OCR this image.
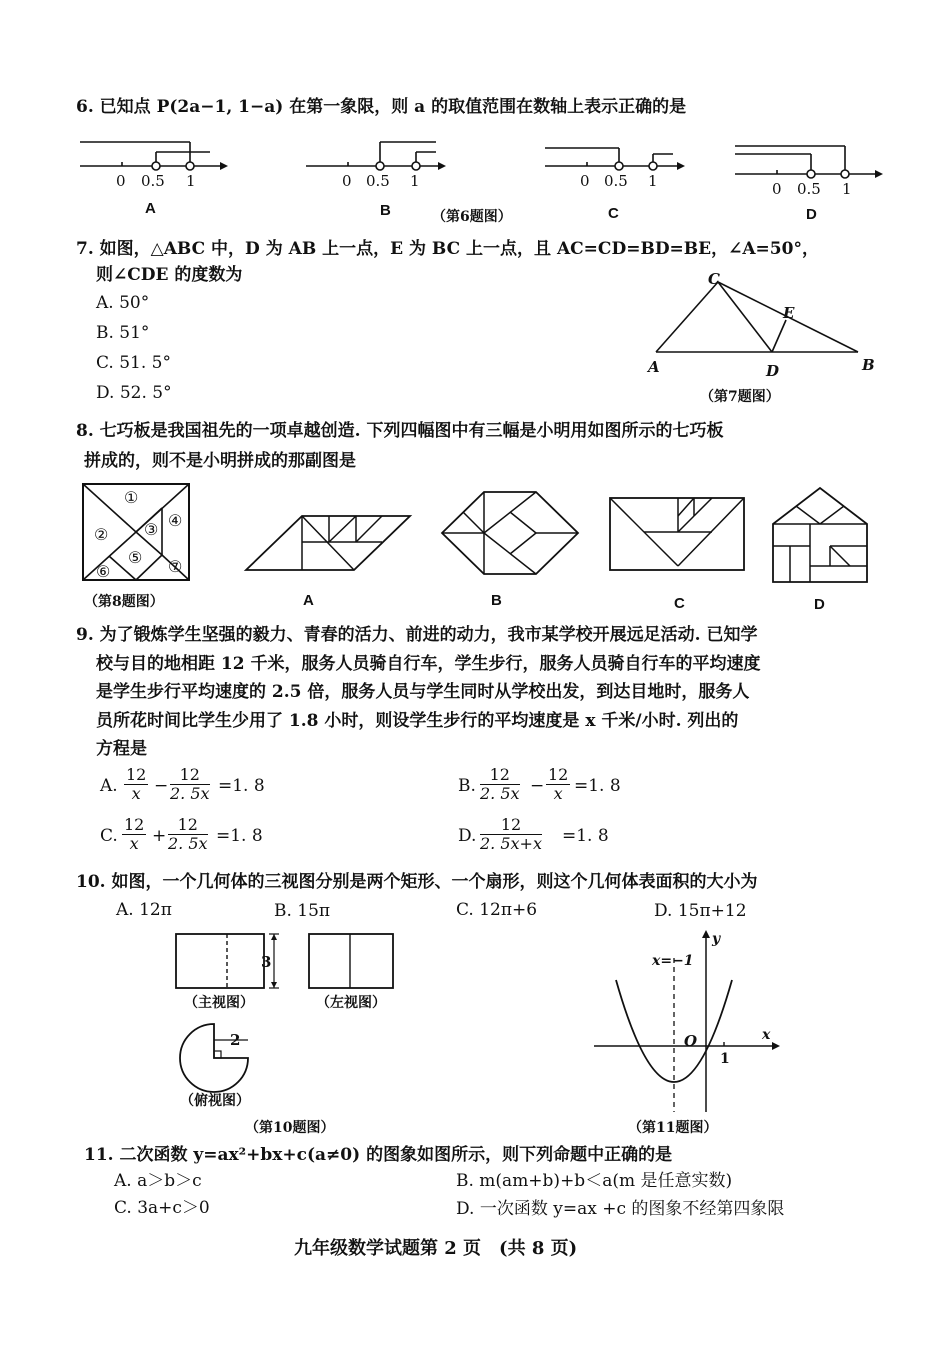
6. 已知点 P(2a−1, 1−a) 在第一象限，则 a 的取值范围在数轴上表示正确的是
0 0.5 1
A
0 0.5 1
B	（第6题图）
0 0.5 1
C
0 0.5 1
D
7. 如图，△ABC 中，D 为 AB 上一点，E 为 BC 上一点，且 AC=CD=BD=BE，∠A=50°，
则∠CDE 的度数为
A. 50°
B. 51°
C. 51. 5°
D. 52. 5°
A	B
C
D
E
（第7题图）
8. 七巧板是我国祖先的一项卓越创造. 下列四幅图中有三幅是小明用如图所示的七巧板
拼成的，则不是小明拼成的那副图是
①
② ③ ④
⑤
⑥	⑦
（第8题图）	A	B	C	D
9. 为了锻炼学生坚强的毅力、青春的活力、前进的动力，我市某学校开展远足活动. 已知学
校与目的地相距 12 千米，服务人员骑自行车，学生步行，服务人员骑自行车的平均速度
是学生步行平均速度的 2.5 倍，服务人员与学生同时从学校出发，到达目地时，服务人
员所花时间比学生少用了 1.8 小时，则设学生步行的平均速度是 x 千米/小时. 列出的
方程是
A. $\frac{12}{x} - \frac{12}{2. 5x} =1$. 8	B. $\frac{12}{2. 5x} - \frac{12}{x} =1$. 8
C. $\frac{12}{x} + \frac{12}{2. 5x} =1$. 8	D. $\frac{12}{2. 5x+x} =1$. 8
10. 如图，一个几何体的三视图分别是两个矩形、一个扇形，则这个几何体表面积的大小为
A. 12π	B. 15π	C. 12π+6	D. 15π+12
3
（主视图）	（左视图）
2
（俯视图）
（第10题图）
x=−1
y
x
O
1
（第11题图）
11. 二次函数 y=ax²+bx+c(a≠0) 的图象如图所示，则下列命题中正确的是
A. a＞b＞c	B. m(am+b)+b＜a(m 是任意实数)
C. 3a+c＞0	D. 一次函数 y=ax +c 的图象不经第四象限
九年级数学试题第 2 页　(共 8 页)
